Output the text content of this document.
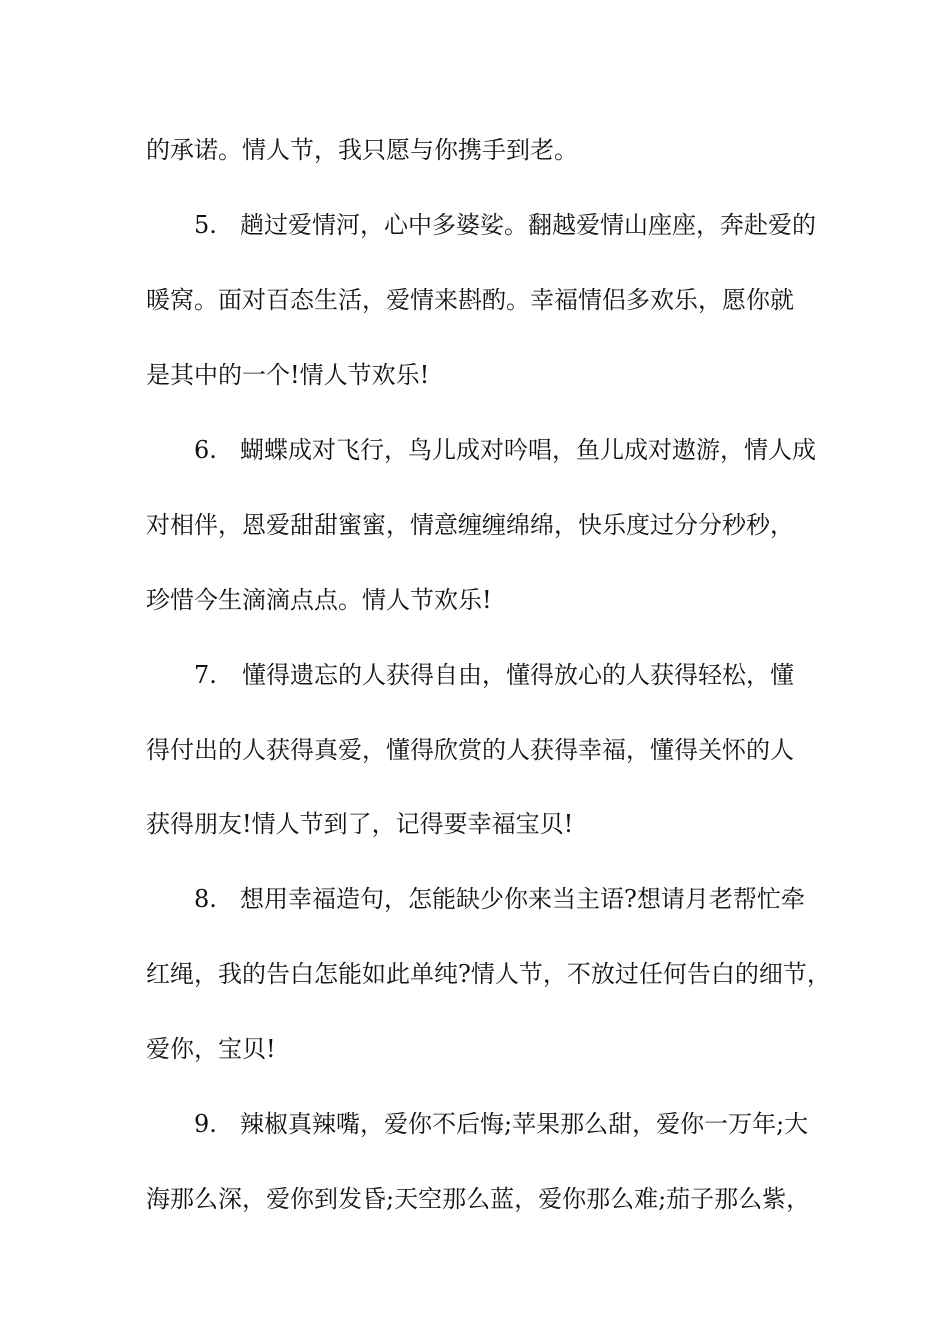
的承诺。情人节，我只愿与你携手到老。
5. 趟过爱情河，心中多婆娑。翻越爱情山座座，奔赴爱的
暖窝。面对百态生活，爱情来斟酌。幸福情侣多欢乐，愿你就
是其中的一个!情人节欢乐!
6. 蝴蝶成对飞行，鸟儿成对吟唱，鱼儿成对遨游，情人成
对相伴，恩爱甜甜蜜蜜，情意缠缠绵绵，快乐度过分分秒秒，
珍惜今生滴滴点点。情人节欢乐!
7. 懂得遗忘的人获得自由，懂得放心的人获得轻松，懂
得付出的人获得真爱，懂得欣赏的人获得幸福，懂得关怀的人
获得朋友!情人节到了，记得要幸福宝贝!
8. 想用幸福造句，怎能缺少你来当主语?想请月老帮忙牵
红绳，我的告白怎能如此单纯?情人节，不放过任何告白的细节，
爱你，宝贝!
9. 辣椒真辣嘴，爱你不后悔;苹果那么甜，爱你一万年;大
海那么深，爱你到发昏;天空那么蓝，爱你那么难;茄子那么紫，
